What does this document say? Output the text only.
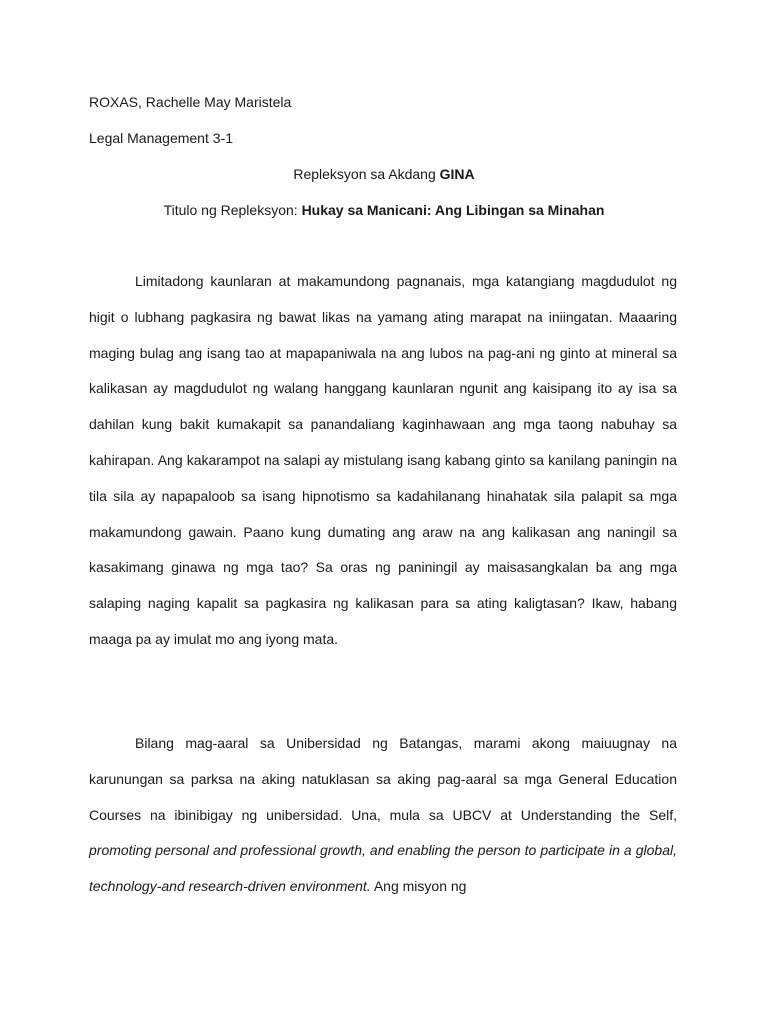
ROXAS, Rachelle May Maristela
Legal Management 3-1
Repleksyon sa Akdang GINA
Titulo ng Repleksyon: Hukay sa Manicani: Ang Libingan sa Minahan
Limitadong kaunlaran at makamundong pagnanais, mga katangiang magdudulot ng higit o lubhang pagkasira ng bawat likas na yamang ating marapat na iniingatan. Maaaring maging bulag ang isang tao at mapapaniwala na ang lubos na pag-ani ng ginto at mineral sa kalikasan ay magdudulot ng walang hanggang kaunlaran ngunit ang kaisipang ito ay isa sa dahilan kung bakit kumakapit sa panandaliang kaginhawaan ang mga taong nabuhay sa kahirapan. Ang kakarampot na salapi ay mistulang isang kabang ginto sa kanilang paningin na tila sila ay napapaloob sa isang hipnotismo sa kadahilanang hinahatak sila palapit sa mga makamundong gawain. Paano kung dumating ang araw na ang kalikasan ang naningil sa kasakimang ginawa ng mga tao? Sa oras ng paniningil ay maisasangkalan ba ang mga salaping naging kapalit sa pagkasira ng kalikasan para sa ating kaligtasan? Ikaw, habang maaga pa ay imulat mo ang iyong mata.
Bilang mag-aaral sa Unibersidad ng Batangas, marami akong maiuugnay na karunungan sa parksa na aking natuklasan sa aking pag-aaral sa mga General Education Courses na ibinibigay ng unibersidad. Una, mula sa UBCV at Understanding the Self, promoting personal and professional growth, and enabling the person to participate in a global, technology-and research-driven environment. Ang misyon ng
